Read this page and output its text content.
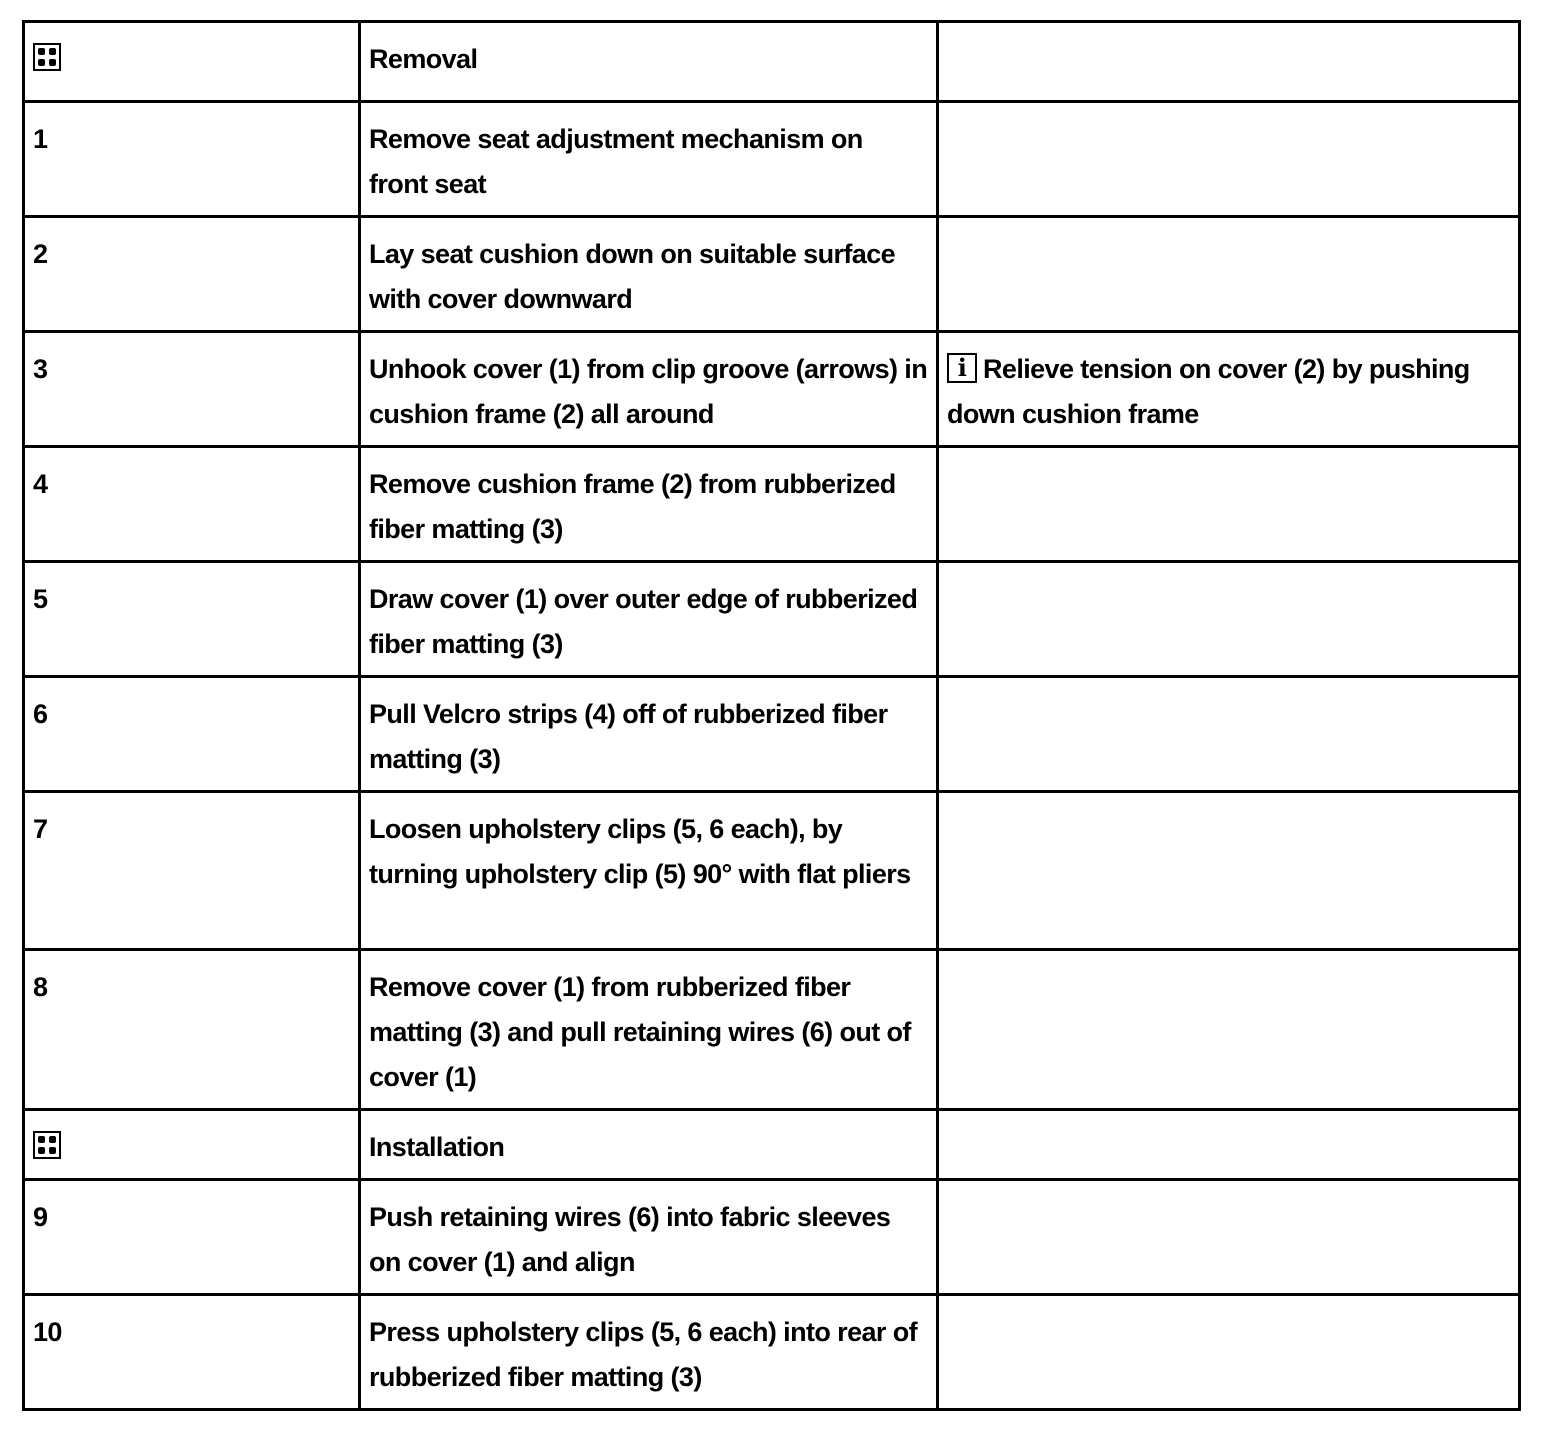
	Removal	
1	Remove seat adjustment mechanism on front seat	
2	Lay seat cushion down on suitable surface with cover downward	
3	Unhook cover (1) from clip groove (arrows) in cushion frame (2) all around	i Relieve tension on cover (2) by pushing down cushion frame
4	Remove cushion frame (2) from rubberized fiber matting (3)	
5	Draw cover (1) over outer edge of rubberized fiber matting (3)	
6	Pull Velcro strips (4) off of rubberized fiber matting (3)	
7	Loosen upholstery clips (5, 6 each), by turning upholstery clip (5) 90° with flat pliers	
8	Remove cover (1) from rubberized fiber matting (3) and pull retaining wires (6) out of cover (1)	

	Installation	
9	Push retaining wires (6) into fabric sleeves on cover (1) and align	
10	Press upholstery clips (5, 6 each) into rear of rubberized fiber matting (3)	
